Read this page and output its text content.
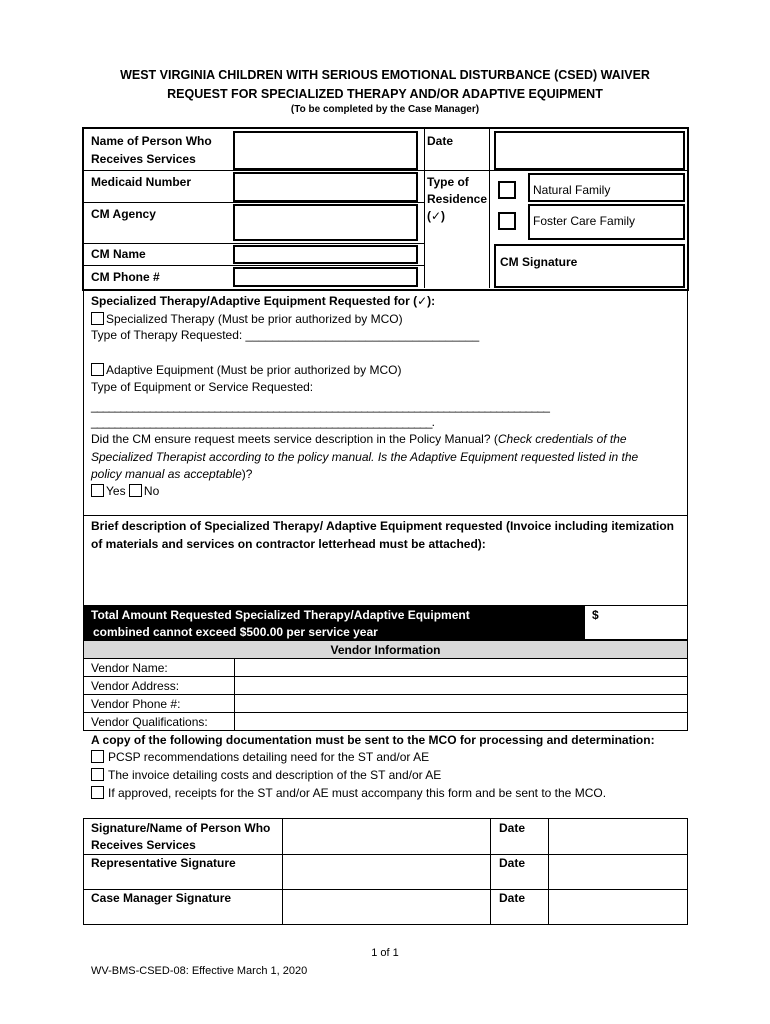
WEST VIRGINIA CHILDREN WITH SERIOUS EMOTIONAL DISTURBANCE (CSED) WAIVER
REQUEST FOR SPECIALIZED THERAPY AND/OR ADAPTIVE EQUIPMENT
(To be completed by the Case Manager)
Name of Person Who
Receives Services
Date
Medicaid Number	Type of
Residence
(✓)
Natural Family
CM Agency	Foster Care Family
CM Name
CM Phone #
CM Signature
Specialized Therapy/Adaptive Equipment Requested for (✓):
Specialized Therapy (Must be prior authorized by MCO)
Type of Therapy Requested: ___________________________________
Adaptive Equipment (Must be prior authorized by MCO)
Type of Equipment or Service Requested:
______________________________________________________________________________
__________________________________________________________.
Did the CM ensure request meets service description in the Policy Manual? (Check credentials of the
Specialized Therapist according to the policy manual. Is the Adaptive Equipment requested listed in the
policy manual as acceptable)?
Yes No
Brief description of Specialized Therapy/ Adaptive Equipment requested (Invoice including itemization
of materials and services on contractor letterhead must be attached):
Total Amount Requested Specialized Therapy/Adaptive Equipment
combined cannot exceed $500.00 per service year
$
Vendor Information
Vendor Name:
Vendor Address:
Vendor Phone #:
Vendor Qualifications:
A copy of the following documentation must be sent to the MCO for processing and determination:
PCSP recommendations detailing need for the ST and/or AE
The invoice detailing costs and description of the ST and/or AE
If approved, receipts for the ST and/or AE must accompany this form and be sent to the MCO.
Signature/Name of Person Who
Receives Services
Representative Signature
Case Manager Signature
Date
Date
Date
1 of 1
WV-BMS-CSED-08: Effective March 1, 2020
